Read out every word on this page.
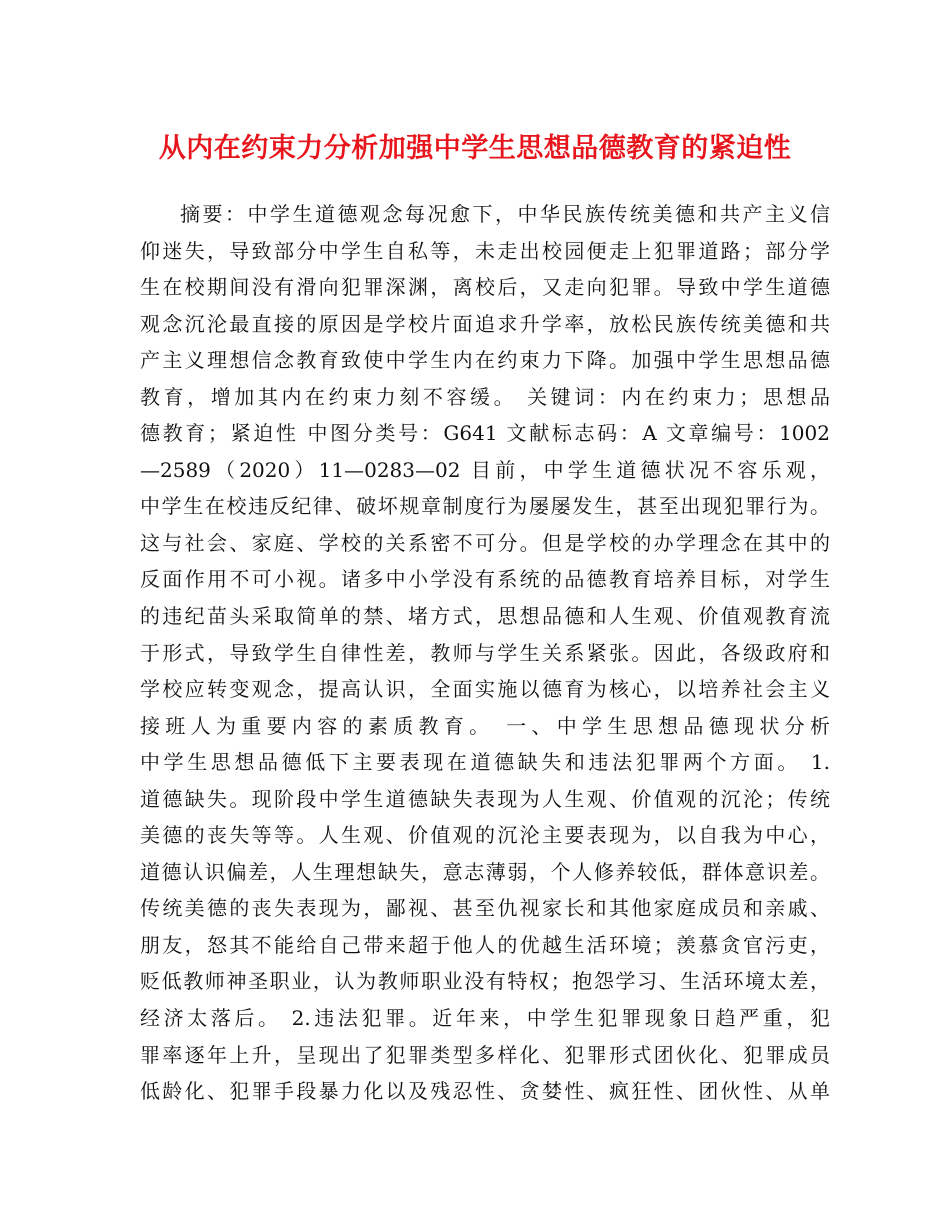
从内在约束力分析加强中学生思想品德教育的紧迫性

摘要：中学生道德观念每况愈下，中华民族传统美德和共产主义信

仰迷失，导致部分中学生自私等，未走出校园便走上犯罪道路；部分学

生在校期间没有滑向犯罪深渊，离校后，又走向犯罪。导致中学生道德

观念沉沦最直接的原因是学校片面追求升学率，放松民族传统美德和共

产主义理想信念教育致使中学生内在约束力下降。加强中学生思想品德

教育，增加其内在约束力刻不容缓。 关键词：内在约束力；思想品

德教育；紧迫性 中图分类号：G641 文献标志码：A 文章编号：1002

—2589（2020）11—0283—02 目前，中学生道德状况不容乐观，

中学生在校违反纪律、破坏规章制度行为屡屡发生，甚至出现犯罪行为。

这与社会、家庭、学校的关系密不可分。但是学校的办学理念在其中的

反面作用不可小视。诸多中小学没有系统的品德教育培养目标，对学生

的违纪苗头采取简单的禁、堵方式，思想品德和人生观、价值观教育流

于形式，导致学生自律性差，教师与学生关系紧张。因此，各级政府和

学校应转变观念，提高认识，全面实施以德育为核心，以培养社会主义

接班人为重要内容的素质教育。 一、中学生思想品德现状分析

中学生思想品德低下主要表现在道德缺失和违法犯罪两个方面。 1.

道德缺失。现阶段中学生道德缺失表现为人生观、价值观的沉沦；传统

美德的丧失等等。人生观、价值观的沉沦主要表现为，以自我为中心，

道德认识偏差，人生理想缺失，意志薄弱，个人修养较低，群体意识差。

传统美德的丧失表现为，鄙视、甚至仇视家长和其他家庭成员和亲戚、

朋友，怒其不能给自己带来超于他人的优越生活环境；羡慕贪官污吏，

贬低教师神圣职业，认为教师职业没有特权；抱怨学习、生活环境太差，

经济太落后。 2.违法犯罪。近年来，中学生犯罪现象日趋严重，犯

罪率逐年上升，呈现出了犯罪类型多样化、犯罪形式团伙化、犯罪成员

低龄化、犯罪手段暴力化以及残忍性、贪婪性、疯狂性、团伙性、从单
